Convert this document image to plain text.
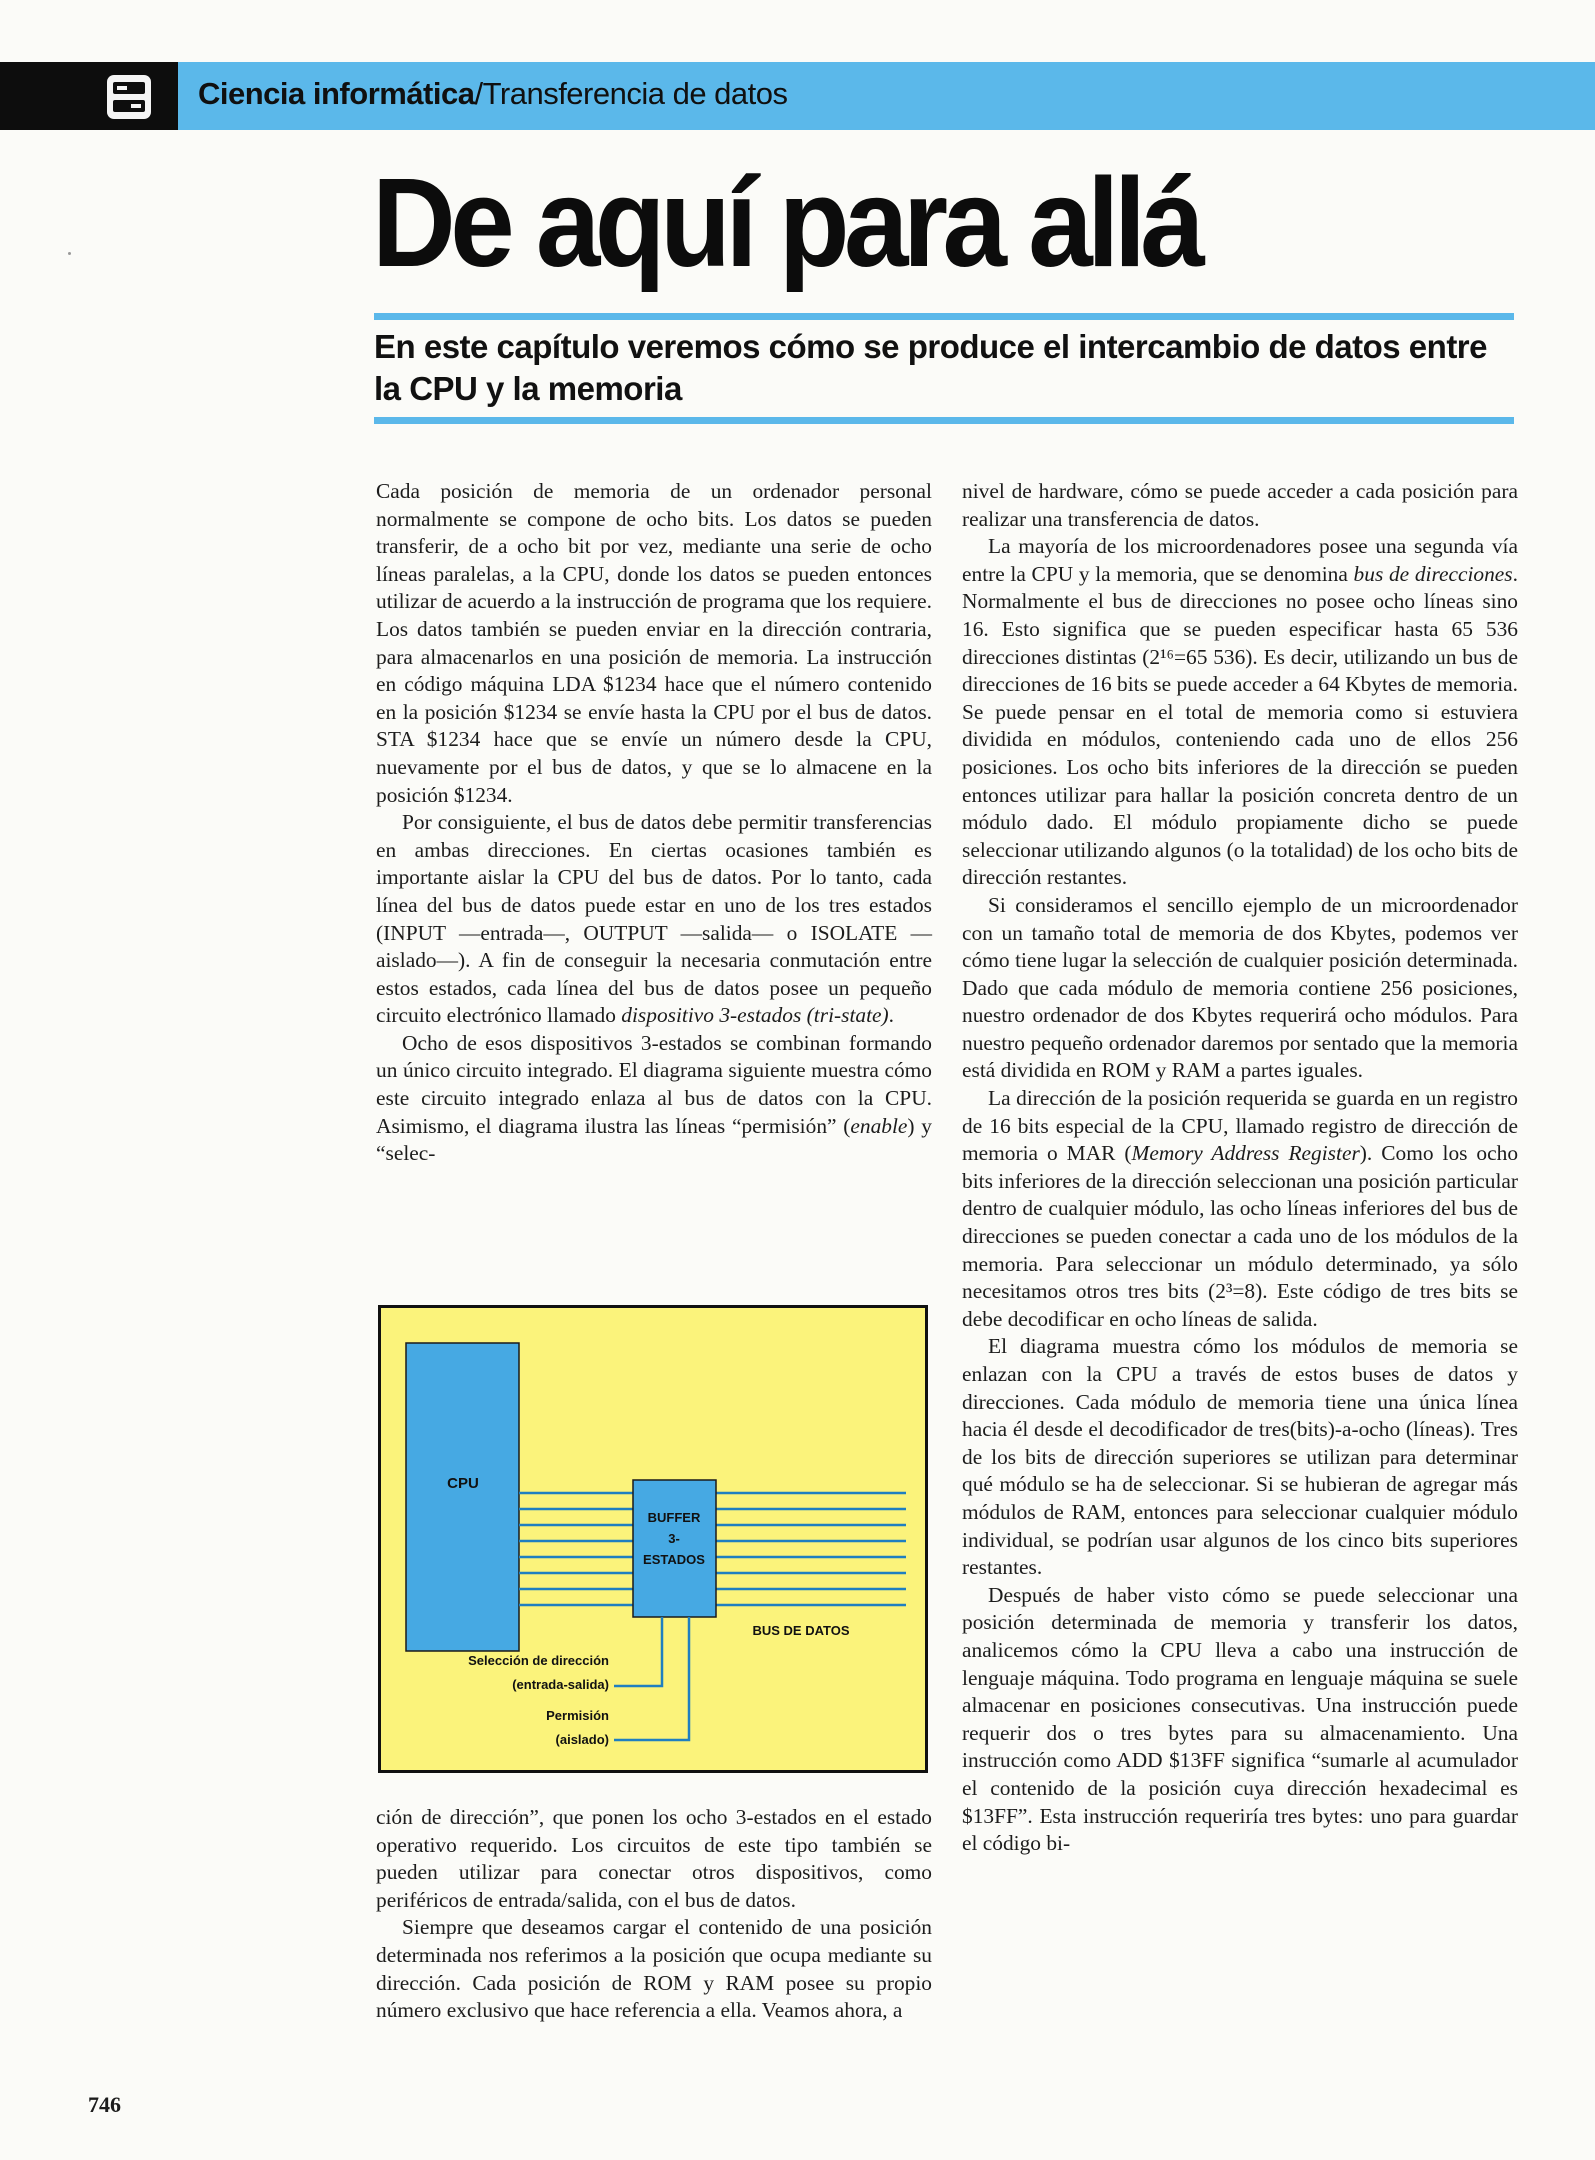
Ciencia informática/Transferencia de datos
De aquí para allá
En este capítulo veremos cómo se produce el intercambio de datos entre la CPU y la memoria

Cada posición de memoria de un ordenador personal normalmente se compone de ocho bits. Los datos se pueden transferir, de a ocho bit por vez, mediante una serie de ocho líneas paralelas, a la CPU, donde los datos se pueden entonces utilizar de acuerdo a la instrucción de programa que los requiere. Los datos también se pueden enviar en la dirección contraria, para almacenarlos en una posición de memoria. La instrucción en código máquina LDA $1234 hace que el número contenido en la posición $1234 se envíe hasta la CPU por el bus de datos. STA $1234 hace que se envíe un número desde la CPU, nuevamente por el bus de datos, y que se lo almacene en la posición $1234.

Por consiguiente, el bus de datos debe permitir transferencias en ambas direcciones. En ciertas ocasiones también es importante aislar la CPU del bus de datos. Por lo tanto, cada línea del bus de datos puede estar en uno de los tres estados (INPUT —entrada—, OUTPUT —salida— o ISOLATE —aislado—). A fin de conseguir la necesaria conmutación entre estos estados, cada línea del bus de datos posee un pequeño circuito electrónico llamado dispositivo 3-estados (tri-state).

Ocho de esos dispositivos 3-estados se combinan formando un único circuito integrado. El diagrama siguiente muestra cómo este circuito integrado enlaza al bus de datos con la CPU. Asimismo, el diagrama ilustra las líneas “permisión” (enable) y “selec-

CPU
BUFFER
3-
ESTADOS
BUS DE DATOS
Selección de dirección
(entrada-salida)
Permisión
(aislado)

ción de dirección”, que ponen los ocho 3-estados en el estado operativo requerido. Los circuitos de este tipo también se pueden utilizar para conectar otros dispositivos, como periféricos de entrada/salida, con el bus de datos.

Siempre que deseamos cargar el contenido de una posición determinada nos referimos a la posición que ocupa mediante su dirección. Cada posición de ROM y RAM posee su propio número exclusivo que hace referencia a ella. Veamos ahora, a

nivel de hardware, cómo se puede acceder a cada posición para realizar una transferencia de datos.

La mayoría de los microordenadores posee una segunda vía entre la CPU y la memoria, que se denomina bus de direcciones. Normalmente el bus de direcciones no posee ocho líneas sino 16. Esto significa que se pueden especificar hasta 65 536 direcciones distintas (2¹⁶=65 536). Es decir, utilizando un bus de direcciones de 16 bits se puede acceder a 64 Kbytes de memoria. Se puede pensar en el total de memoria como si estuviera dividida en módulos, conteniendo cada uno de ellos 256 posiciones. Los ocho bits inferiores de la dirección se pueden entonces utilizar para hallar la posición concreta dentro de un módulo dado. El módulo propiamente dicho se puede seleccionar utilizando algunos (o la totalidad) de los ocho bits de dirección restantes.

Si consideramos el sencillo ejemplo de un microordenador con un tamaño total de memoria de dos Kbytes, podemos ver cómo tiene lugar la selección de cualquier posición determinada. Dado que cada módulo de memoria contiene 256 posiciones, nuestro ordenador de dos Kbytes requerirá ocho módulos. Para nuestro pequeño ordenador daremos por sentado que la memoria está dividida en ROM y RAM a partes iguales.

La dirección de la posición requerida se guarda en un registro de 16 bits especial de la CPU, llamado registro de dirección de memoria o MAR (Memory Address Register). Como los ocho bits inferiores de la dirección seleccionan una posición particular dentro de cualquier módulo, las ocho líneas inferiores del bus de direcciones se pueden conectar a cada uno de los módulos de la memoria. Para seleccionar un módulo determinado, ya sólo necesitamos otros tres bits (2³=8). Este código de tres bits se debe decodificar en ocho líneas de salida.

El diagrama muestra cómo los módulos de memoria se enlazan con la CPU a través de estos buses de datos y direcciones. Cada módulo de memoria tiene una única línea hacia él desde el decodificador de tres(bits)-a-ocho (líneas). Tres de los bits de dirección superiores se utilizan para determinar qué módulo se ha de seleccionar. Si se hubieran de agregar más módulos de RAM, entonces para seleccionar cualquier módulo individual, se podrían usar algunos de los cinco bits superiores restantes.

Después de haber visto cómo se puede seleccionar una posición determinada de memoria y transferir los datos, analicemos cómo la CPU lleva a cabo una instrucción de lenguaje máquina. Todo programa en lenguaje máquina se suele almacenar en posiciones consecutivas. Una instrucción puede requerir dos o tres bytes para su almacenamiento. Una instrucción como ADD $13FF significa “sumarle al acumulador el contenido de la posición cuya dirección hexadecimal es $13FF”. Esta instrucción requeriría tres bytes: uno para guardar el código bi-

746
